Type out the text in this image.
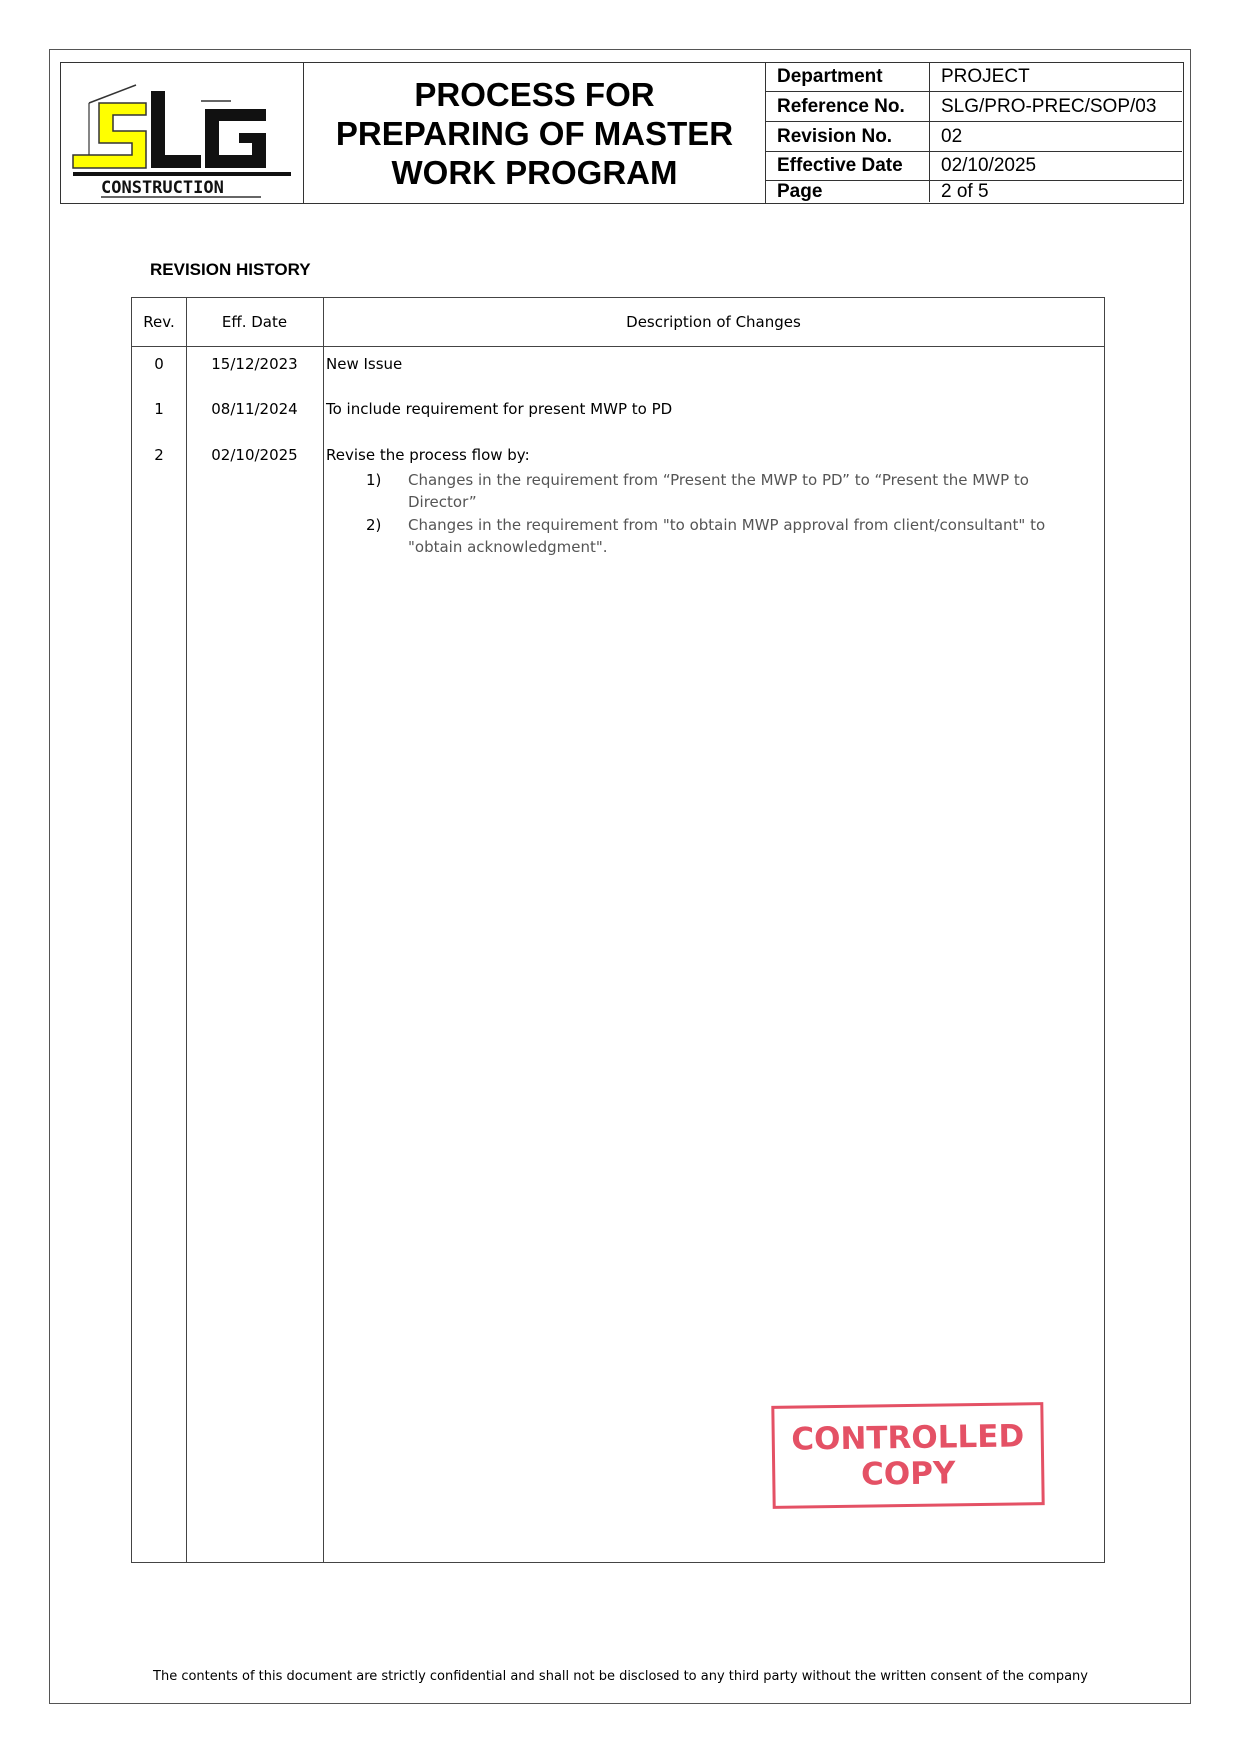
CONSTRUCTION
PROCESS FOR
PREPARING OF MASTER
WORK PROGRAM
Department	PROJECT
Reference No.	SLG/PRO-PREC/SOP/03
Revision No.	02
Effective Date	02/10/2025
Page	2 of 5
REVISION HISTORY
Rev.	Eff. Date	Description of Changes
0	15/12/2023	New Issue
1	08/11/2024	To include requirement for present MWP to PD
2	02/10/2025	Revise the process flow by:
1) Changes in the requirement from “Present the MWP to PD” to “Present the MWP to
Director”
2) Changes in the requirement from "to obtain MWP approval from client/consultant" to
"obtain acknowledgment".
CONTROLLED
COPY
The contents of this document are strictly confidential and shall not be disclosed to any third party without the written consent of the company
